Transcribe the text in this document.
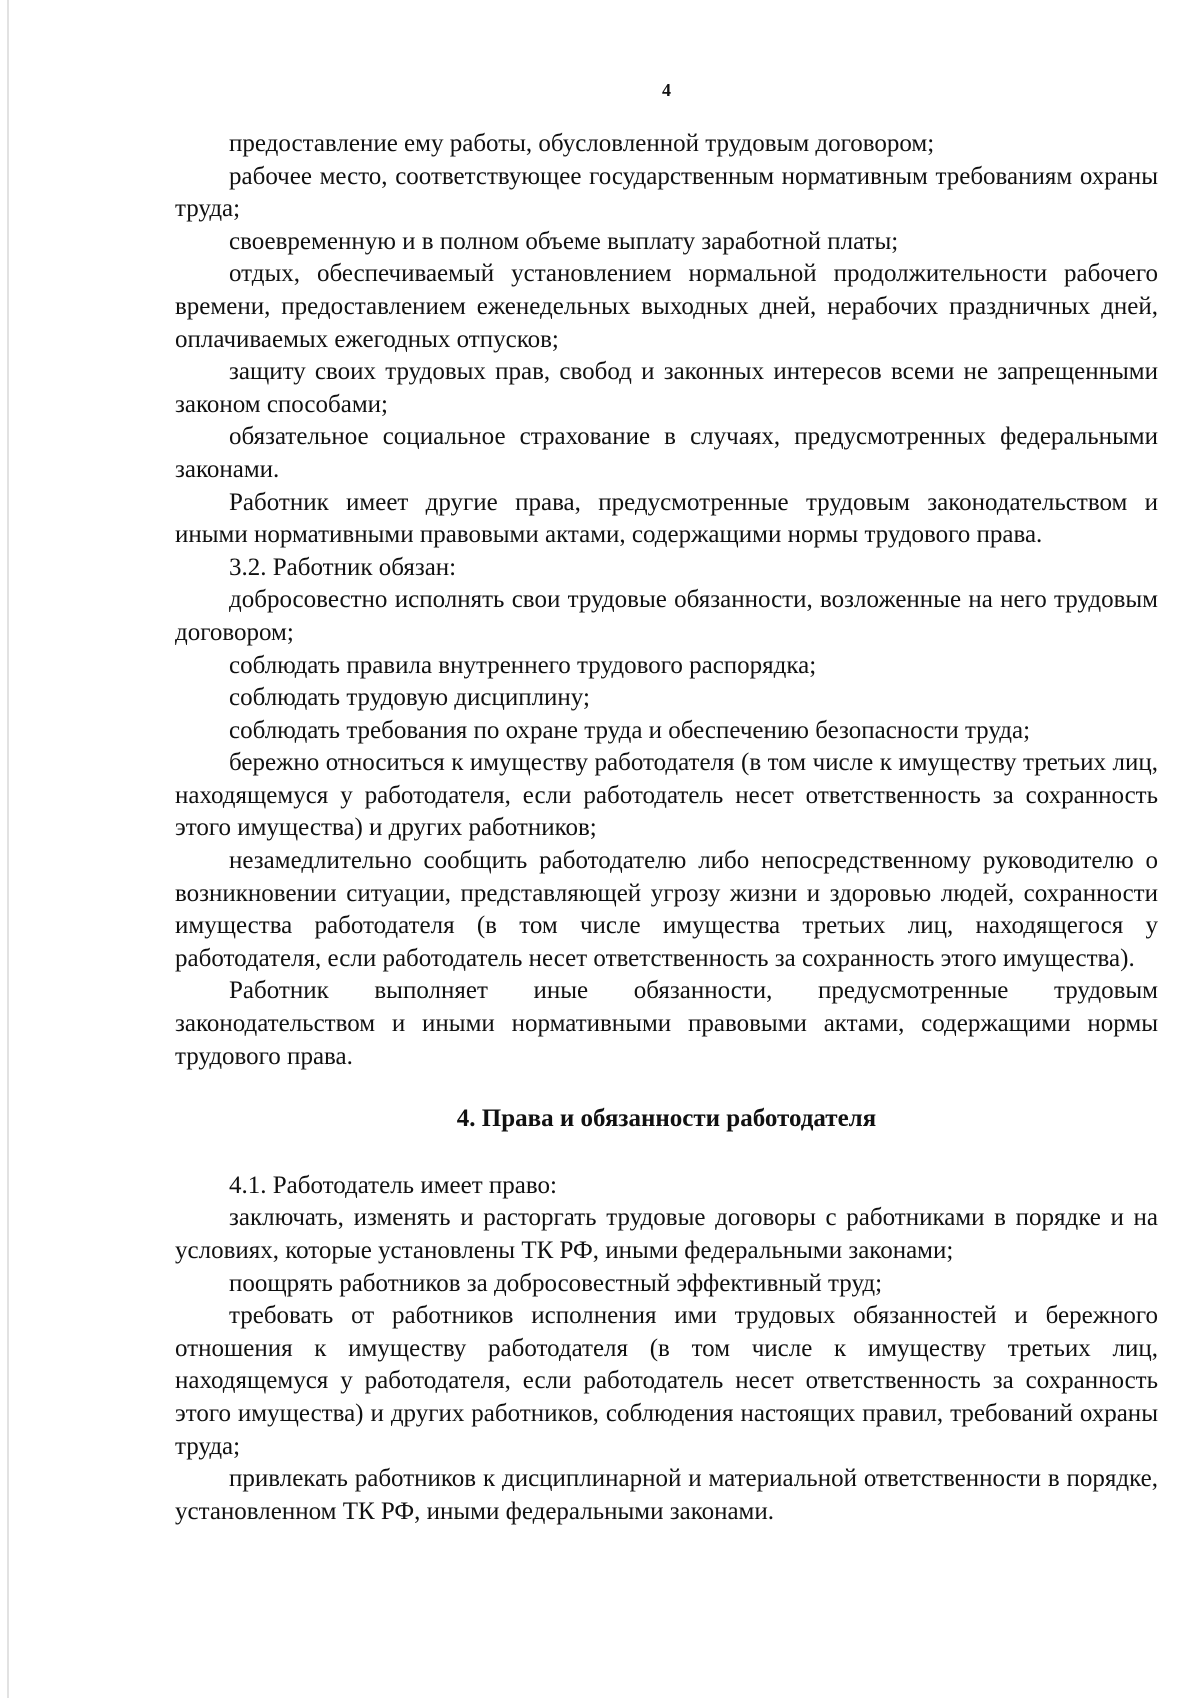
4

предоставление ему работы, обусловленной трудовым договором;

рабочее место, соответствующее государственным нормативным требованиям охраны труда;

своевременную и в полном объеме выплату заработной платы;

отдых, обеспечиваемый установлением нормальной продолжительности рабочего времени, предоставлением еженедельных выходных дней, нерабочих праздничных дней, оплачиваемых ежегодных отпусков;

защиту своих трудовых прав, свобод и законных интересов всеми не запрещенными законом способами;

обязательное социальное страхование в случаях, предусмотренных федеральными законами.

Работник имеет другие права, предусмотренные трудовым законодательством и иными нормативными правовыми актами, содержащими нормы трудового права.

3.2. Работник обязан:

добросовестно исполнять свои трудовые обязанности, возложенные на него трудовым договором;

соблюдать правила внутреннего трудового распорядка;

соблюдать трудовую дисциплину;

соблюдать требования по охране труда и обеспечению безопасности труда;

бережно относиться к имуществу работодателя (в том числе к имуществу третьих лиц, находящемуся у работодателя, если работодатель несет ответственность за сохранность этого имущества) и других работников;

незамедлительно сообщить работодателю либо непосредственному руководителю о возникновении ситуации, представляющей угрозу жизни и здоровью людей, сохранности имущества работодателя (в том числе имущества третьих лиц, находящегося у работодателя, если работодатель несет ответственность за сохранность этого имущества).

Работник выполняет иные обязанности, предусмотренные трудовым законодательством и иными нормативными правовыми актами, содержащими нормы трудового права.

4. Права и обязанности работодателя

4.1. Работодатель имеет право:

заключать, изменять и расторгать трудовые договоры с работниками в порядке и на условиях, которые установлены ТК РФ, иными федеральными законами;

поощрять работников за добросовестный эффективный труд;

требовать от работников исполнения ими трудовых обязанностей и бережного отношения к имуществу работодателя (в том числе к имуществу третьих лиц, находящемуся у работодателя, если работодатель несет ответственность за сохранность этого имущества) и других работников, соблюдения настоящих правил, требований охраны труда;

привлекать работников к дисциплинарной и материальной ответственности в порядке, установленном ТК РФ, иными федеральными законами.
